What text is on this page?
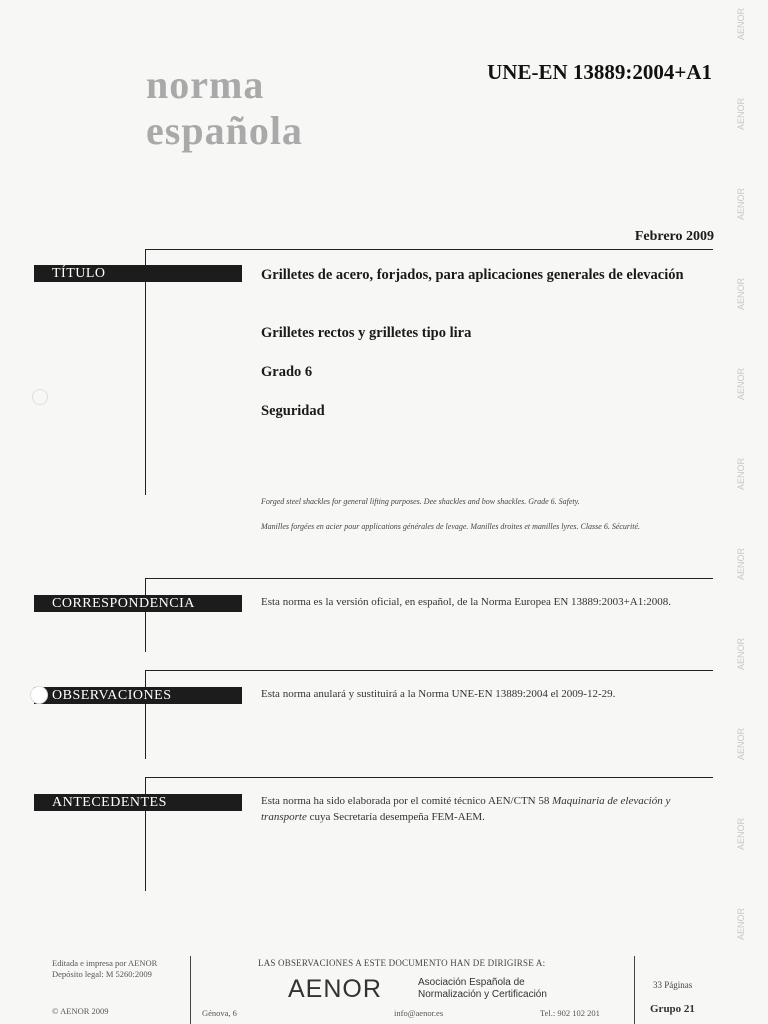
norma
española
UNE-EN 13889:2004+A1
AENOR
AENOR
AENOR
AENOR
AENOR
AENOR
AENOR
AENOR
AENOR
AENOR
AENOR
Febrero 2009
TÍTULO	Grilletes de acero, forjados, para aplicaciones generales de elevación
Grilletes rectos y grilletes tipo lira
Grado 6
Seguridad
Forged steel shackles for general lifting purposes. Dee shackles and bow shackles. Grade 6. Safety.
Manilles forgées en acier pour applications générales de levage. Manilles droites et manilles lyres. Classe 6. Sécurité.
CORRESPONDENCIA	Esta norma es la versión oficial, en español, de la Norma Europea EN 13889:2003+A1:2008.
OBSERVACIONES	Esta norma anulará y sustituirá a la Norma UNE-EN 13889:2004 el 2009-12-29.
ANTECEDENTES	Esta norma ha sido elaborada por el comité técnico AEN/CTN 58 Maquinaria de elevación y transporte cuya Secretaría desempeña FEM-AEM.
Editada e impresa por AENOR
Depósito legal: M 5260:2009
© AENOR 2009
LAS OBSERVACIONES A ESTE DOCUMENTO HAN DE DIRIGIRSE A:
AENOR	Asociación Española de
Normalización y Certificación
Génova, 6	info@aenor.es	Tel.: 902 102 201
33 Páginas
Grupo 21
